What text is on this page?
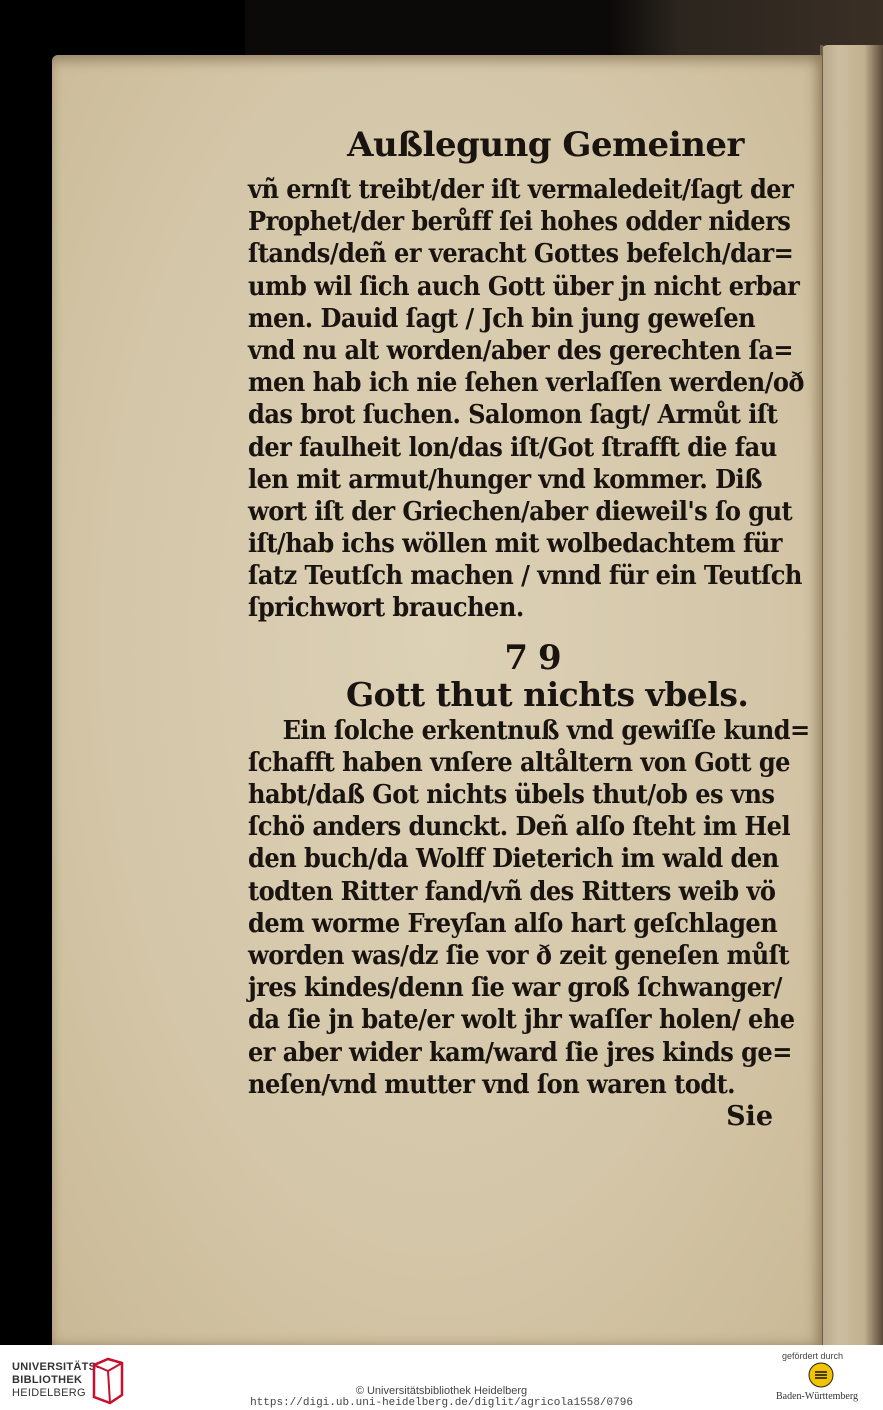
Außlegung Gemeiner
vñ ernſt treibt/der iſt vermaledeit/ſagt der
Prophet/der berůff ſei hohes odder niders
ſtands/deñ er veracht Gottes befelch/dar=
umb wil ſich auch Gott über jn nicht erbar
men. Dauid ſagt / Jch bin jung geweſen
vnd nu alt worden/aber des gerechten ſa=
men hab ich nie ſehen verlaſſen werden/oð
das brot ſuchen. Salomon ſagt/ Armůt iſt
der faulheit lon/das iſt/Got ſtrafft die fau
len mit armut/hunger vnd kommer. Diß
wort iſt der Griechen/aber dieweil's ſo gut
iſt/hab ichs wöllen mit wolbedachtem für
ſatz Teutſch machen / vnnd für ein Teutſch
ſprichwort brauchen.
79
Gott thut nichts vbels.
Ein ſolche erkentnuß vnd gewiſſe kund=
ſchafft haben vnſere altåltern von Gott ge
habt/daß Got nichts übels thut/ob es vns
ſchö anders dunckt. Deñ alſo ſteht im Hel
den buch/da Wolff Dieterich im wald den
todten Ritter fand/vñ des Ritters weib vö
dem worme Freyſan alſo hart geſchlagen
worden was/dz ſie vor ð zeit geneſen můſt
jres kindes/denn ſie war groß ſchwanger/
da ſie jn bate/er wolt jhr waſſer holen/ ehe
er aber wider kam/ward ſie jres kinds ge=
neſen/vnd mutter vnd ſon waren todt.
Sie
UNIVERSITÄTS-
BIBLIOTHEK
HEIDELBERG	© Universitätsbibliothek Heidelberg
https://digi.ub.uni-heidelberg.de/diglit/agricola1558/0796
gefördert durch
Baden-Württemberg
